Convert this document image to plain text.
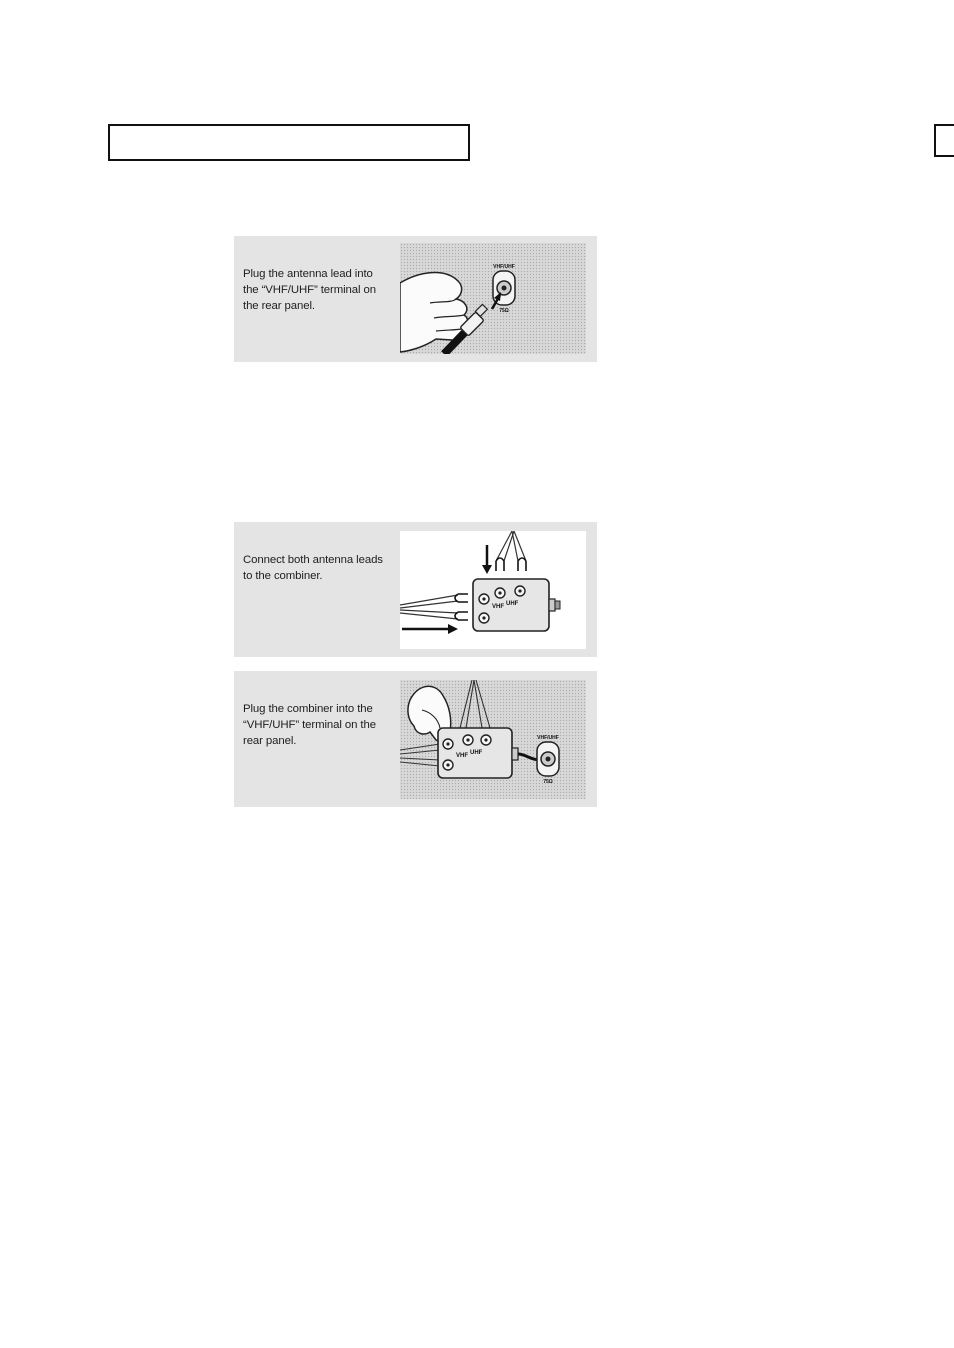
Plug the antenna lead into the “VHF/UHF” terminal on the rear panel.
VHF/UHF
75Ω
Connect both antenna leads to the combiner.
VHF UHF
Plug the combiner into the “VHF/UHF” terminal on the rear panel.
VHF UHF
VHF/UHF
75Ω
